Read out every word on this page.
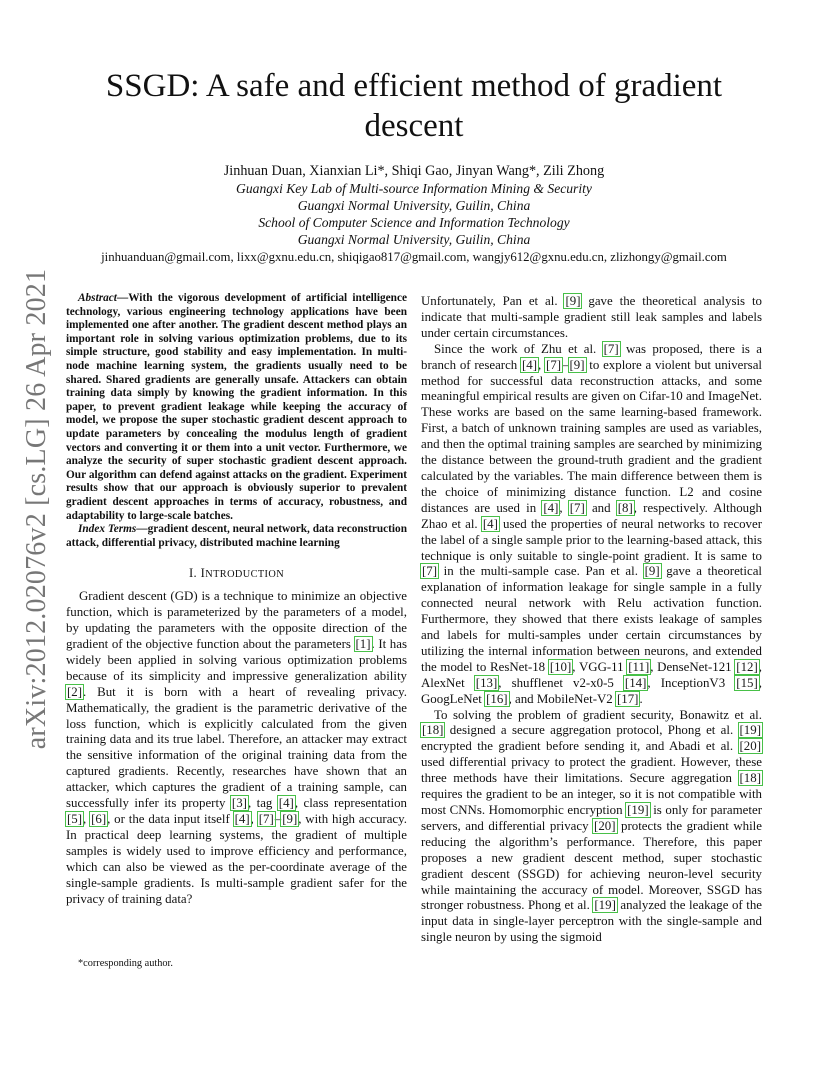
arXiv:2012.02076v2 [cs.LG] 26 Apr 2021
SSGD: A safe and efficient method of gradient descent
Jinhuan Duan, Xianxian Li*, Shiqi Gao, Jinyan Wang*, Zili Zhong
Guangxi Key Lab of Multi-source Information Mining & Security
Guangxi Normal University, Guilin, China
School of Computer Science and Information Technology
Guangxi Normal University, Guilin, China
jinhuanduan@gmail.com, lixx@gxnu.edu.cn, shiqigao817@gmail.com, wangjy612@gxnu.edu.cn, zlizhongy@gmail.com

Abstract—With the vigorous development of artificial intelligence technology, various engineering technology applications have been implemented one after another. The gradient descent method plays an important role in solving various optimization problems, due to its simple structure, good stability and easy implementation. In multi-node machine learning system, the gradients usually need to be shared. Shared gradients are generally unsafe. Attackers can obtain training data simply by knowing the gradient information. In this paper, to prevent gradient leakage while keeping the accuracy of model, we propose the super stochastic gradient descent approach to update parameters by concealing the modulus length of gradient vectors and converting it or them into a unit vector. Furthermore, we analyze the security of super stochastic gradient descent approach. Our algorithm can defend against attacks on the gradient. Experiment results show that our approach is obviously superior to prevalent gradient descent approaches in terms of accuracy, robustness, and adaptability to large-scale batches.

Index Terms—gradient descent, neural network, data reconstruction attack, differential privacy, distributed machine learning

I. INTRODUCTION

Gradient descent (GD) is a technique to minimize an objective function, which is parameterized by the parameters of a model, by updating the parameters with the opposite direction of the gradient of the objective function about the parameters [1]. It has widely been applied in solving various optimization problems because of its simplicity and impressive generalization ability [2]. But it is born with a heart of revealing privacy. Mathematically, the gradient is the parametric derivative of the loss function, which is explicitly calculated from the given training data and its true label. Therefore, an attacker may extract the sensitive information of the original training data from the captured gradients. Recently, researches have shown that an attacker, which captures the gradient of a training sample, can successfully infer its property [3], tag [4], class representation [5], [6], or the data input itself [4], [7]–[9], with high accuracy. In practical deep learning systems, the gradient of multiple samples is widely used to improve efficiency and performance, which can also be viewed as the per-coordinate average of the single-sample gradients. Is multi-sample gradient safer for the privacy of training data?

*corresponding author.

Unfortunately, Pan et al. [9] gave the theoretical analysis to indicate that multi-sample gradient still leak samples and labels under certain circumstances.

Since the work of Zhu et al. [7] was proposed, there is a branch of research [4], [7]–[9] to explore a violent but universal method for successful data reconstruction attacks, and some meaningful empirical results are given on Cifar-10 and ImageNet. These works are based on the same learning-based framework. First, a batch of unknown training samples are used as variables, and then the optimal training samples are searched by minimizing the distance between the ground-truth gradient and the gradient calculated by the variables. The main difference between them is the choice of minimizing distance function. L2 and cosine distances are used in [4], [7] and [8], respectively. Although Zhao et al. [4] used the properties of neural networks to recover the label of a single sample prior to the learning-based attack, this technique is only suitable to single-point gradient. It is same to [7] in the multi-sample case. Pan et al. [9] gave a theoretical explanation of information leakage for single sample in a fully connected neural network with Relu activation function. Furthermore, they showed that there exists leakage of samples and labels for multi-samples under certain circumstances by utilizing the internal information between neurons, and extended the model to ResNet-18 [10], VGG-11 [11], DenseNet-121 [12], AlexNet [13], shufflenet v2-x0-5 [14], InceptionV3 [15], GoogLeNet [16], and MobileNet-V2 [17].

To solving the problem of gradient security, Bonawitz et al. [18] designed a secure aggregation protocol, Phong et al. [19] encrypted the gradient before sending it, and Abadi et al. [20] used differential privacy to protect the gradient. However, these three methods have their limitations. Secure aggregation [18] requires the gradient to be an integer, so it is not compatible with most CNNs. Homomorphic encryption [19] is only for parameter servers, and differential privacy [20] protects the gradient while reducing the algorithm’s performance. Therefore, this paper proposes a new gradient descent method, super stochastic gradient descent (SSGD) for achieving neuron-level security while maintaining the accuracy of model. Moreover, SSGD has stronger robustness. Phong et al. [19] analyzed the leakage of the input data in single-layer perceptron with the single-sample and single neuron by using the sigmoid
